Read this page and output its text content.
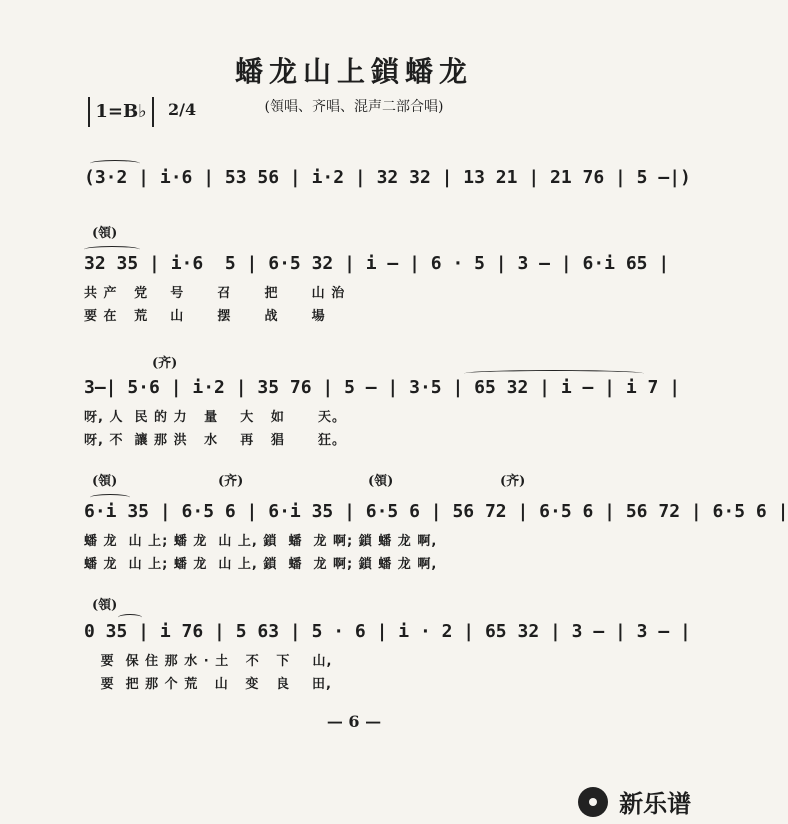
蟠龙山上鎖蟠龙
(領唱、齐唱、混声二部合唱)
1=B♭	2/4
(3·2 | i·6 | 53 56 | i·2 | 32 32 | 13 21 | 21 76 | 5 —|)
(領)
32 35 | i·6  5 | 6·5 32 | i — | 6 · 5 | 3 — | 6·i 65 |
共 产   党    号      召      把      山 治
要 在   荒    山      摆      战      場
(齐)
3—| 5·6 | i·2 | 35 76 | 5 — | 3·5 | 65 32 | i — | i 7 |
呀, 人  民 的 力   量    大   如      天。
呀, 不  讓 那 洪   水    再   猖      狂。
(領)	(齐)	(領)	(齐)
6·i 35 | 6·5 6 | 6·i 35 | 6·5 6 | 56 72 | 6·5 6 | 56 72 | 6·5 6 |
蟠 龙  山 上; 蟠 龙  山 上, 鎖  蟠  龙 啊; 鎖 蟠 龙 啊,
蟠 龙  山 上; 蟠 龙  山 上, 鎖  蟠  龙 啊; 鎖 蟠 龙 啊,
(領)
0 35 | i 76 | 5 63 | 5 · 6 | i · 2 | 65 32 | 3 — | 3 — |
要  保 住 那 水 · 土   不   下    山,
要  把 那 个 荒   山   变   良    田,
— 6 —
新乐谱
